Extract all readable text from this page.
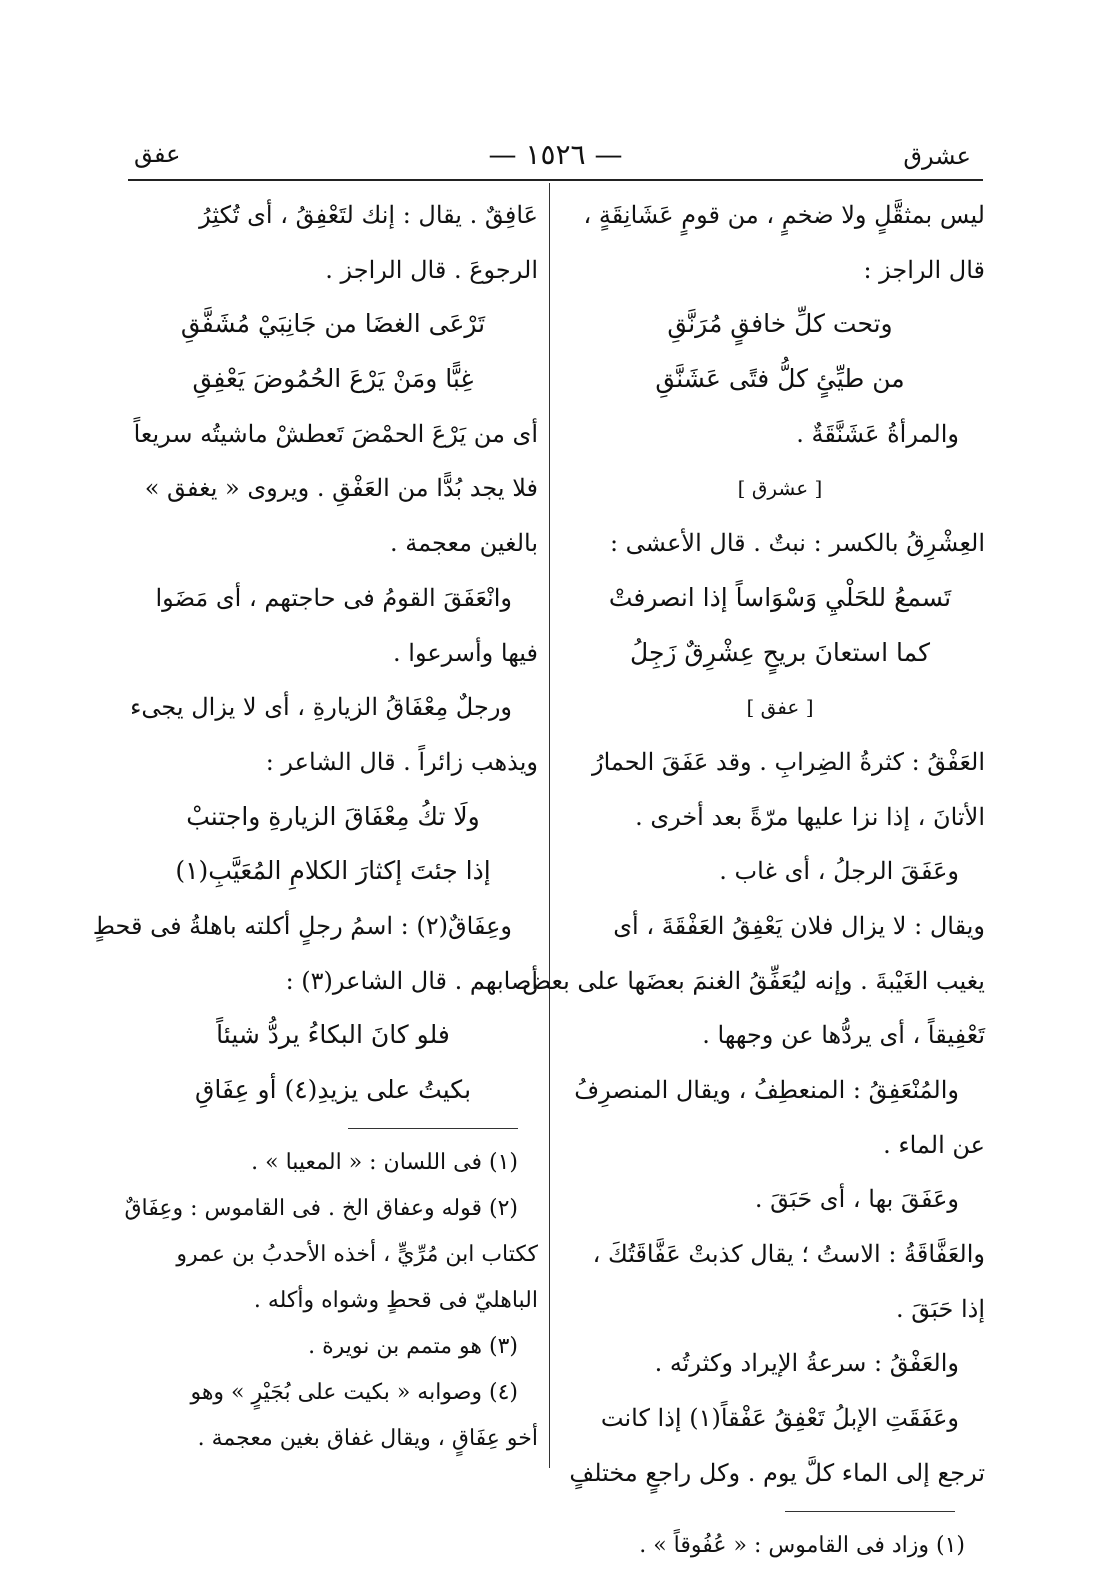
عشرق
— ١٥٢٦ —
عفق
ليس بمثقَّلٍ ولا ضخمٍ ، من قومٍ عَشَانِقَةٍ ،
قال الراجز :
وتحت كلِّ خافقٍ مُرَنَّقِ
من طيِّئٍ كلُّ فتًى عَشَنَّقِ
والمرأةُ عَشَنَّقَةٌ .
[ عشرق ]
العِشْرِقُ بالكسر : نبتٌ . قال الأعشى :
تَسمعُ للحَلْيِ وَسْوَاساً إذا انصرفتْ
كما استعانَ بريحٍ عِشْرِقٌ زَجِلُ
[ عفق ]
العَفْقُ : كثرةُ الضِرابِ . وقد عَفَقَ الحمارُ
الأتانَ ، إذا نزا عليها مرّةً بعد أخرى .
وعَفَقَ الرجلُ ، أى غاب .
ويقال : لا يزال فلان يَعْفِقُ العَفْقَةَ ، أى
يغيب الغَيْبةَ . وإنه ليُعَفِّقُ الغنمَ بعضَها على بعض
تَعْفِيقاً ، أى يردُّها عن وجهها .
والمُنْعَفِقُ : المنعطِفُ ، ويقال المنصرِفُ
عن الماء .
وعَفَقَ بها ، أى حَبَقَ .
والعَفَّاقَةُ : الاستُ ؛ يقال كذبتْ عَفَّاقَتُكَ ،
إذا حَبَقَ .
والعَفْقُ : سرعةُ الإيراد وكثرتُه .
وعَفَقَتِ الإبلُ تَعْفِقُ عَفْقاً(١) إذا كانت
ترجع إلى الماء كلَّ يوم . وكل راجعٍ مختلفٍ
(١) وزاد فى القاموس : « عُفُوقاً » .
عَافِقٌ . يقال : إنك لتَعْفِقُ ، أى تُكثِرُ
الرجوعَ . قال الراجز .
تَرْعَى الغضَا من جَانِبَيْ مُشَفَّقِ
غِبًّا ومَنْ يَرْعَ الحُمُوضَ يَعْفِقِ
أى من يَرْعَ الحمْضَ تَعطشْ ماشيتُه سريعاً
فلا يجد بُدًّا من العَفْقِ . ويروى « يغفق »
بالغين معجمة .
وانْعَفَقَ القومُ فى حاجتهم ، أى مَضَوا
فيها وأسرعوا .
ورجلٌ مِعْفَاقُ الزيارةِ ، أى لا يزال يجىء
ويذهب زائراً . قال الشاعر :
ولَا تكُ مِعْفَاقَ الزيارةِ واجتنبْ
إذا جئتَ إكثارَ الكلامِ المُعَيَّبِ(١)
وعِفَاقٌ(٢) : اسمُ رجلٍ أكلته باهلةُ فى قحطٍ
أصابهم . قال الشاعر(٣) :
فلو كانَ البكاءُ يردُّ شيئاً
بكيتُ على يزيدِ(٤) أو عِفَاقِ
(١) فى اللسان : « المعيبا » .
(٢) قوله وعفاق الخ . فى القاموس : وعِفَاقٌ
ككتاب ابن مُرِّيٍّ ، أخذه الأحدبُ بن عمرو
الباهليّ فى قحطٍ وشواه وأكله .
(٣) هو متمم بن نويرة .
(٤) وصوابه « بكيت على بُجَيْرٍ » وهو
أخو عِفَاقٍ ، ويقال غفاق بغين معجمة .
